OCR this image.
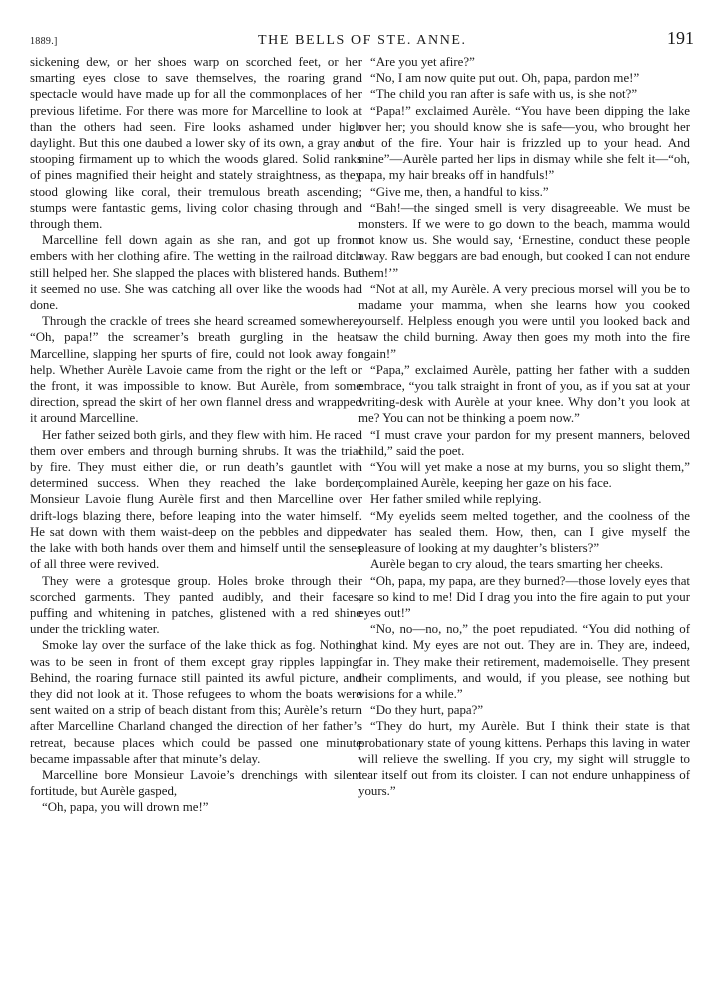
1889.]	THE BELLS OF STE. ANNE.	191

sickening dew, or her shoes warp on scorched feet, or her smarting eyes close to save themselves, the roaring grand spectacle would have made up for all the commonplaces of her previous lifetime. For there was more for Marcelline to look at than the others had seen. Fire looks ashamed under high daylight. But this one daubed a lower sky of its own, a gray and stooping firmament up to which the woods glared. Solid ranks of pines magnified their height and stately straightness, as they stood glowing like coral, their tremulous breath ascending; stumps were fantastic gems, living color chasing through and through them.

Marcelline fell down again as she ran, and got up from embers with her clothing afire. The wetting in the railroad ditch still helped her. She slapped the places with blistered hands. But it seemed no use. She was catching all over like the woods had done.

Through the crackle of trees she heard screamed somewhere, “Oh, papa!” the screamer’s breath gurgling in the heat. Marcelline, slapping her spurts of fire, could not look away for help. Whether Aurèle Lavoie came from the right or the left or the front, it was impossible to know. But Aurèle, from some direction, spread the skirt of her own flannel dress and wrapped it around Marcelline.

Her father seized both girls, and they flew with him. He raced them over embers and through burning shrubs. It was the trial by fire. They must either die, or run death’s gauntlet with determined success. When they reached the lake border, Monsieur Lavoie flung Aurèle first and then Marcelline over drift-logs blazing there, before leaping into the water himself. He sat down with them waist-deep on the pebbles and dipped the lake with both hands over them and himself until the senses of all three were revived.

They were a grotesque group. Holes broke through their scorched garments. They panted audibly, and their faces, puffing and whitening in patches, glistened with a red shine under the trickling water.

Smoke lay over the surface of the lake thick as fog. Nothing was to be seen in front of them except gray ripples lapping. Behind, the roaring furnace still painted its awful picture, and they did not look at it. Those refugees to whom the boats were sent waited on a strip of beach distant from this; Aurèle’s return after Marcelline Charland changed the direction of her father’s retreat, because places which could be passed one minute became impassable after that minute’s delay.

Marcelline bore Monsieur Lavoie’s drenchings with silent fortitude, but Aurèle gasped,

“Oh, papa, you will drown me!”

“Are you yet afire?”

“No, I am now quite put out. Oh, papa, pardon me!”

“The child you ran after is safe with us, is she not?”

“Papa!” exclaimed Aurèle. “You have been dipping the lake over her; you should know she is safe—you, who brought her out of the fire. Your hair is frizzled up to your head. And mine”—Aurèle parted her lips in dismay while she felt it—“oh, papa, my hair breaks off in handfuls!”

“Give me, then, a handful to kiss.”

“Bah!—the singed smell is very disagreeable. We must be monsters. If we were to go down to the beach, mamma would not know us. She would say, ‘Ernestine, conduct these people away. Raw beggars are bad enough, but cooked I can not endure them!’”

“Not at all, my Aurèle. A very precious morsel will you be to madame your mamma, when she learns how you cooked yourself. Helpless enough you were until you looked back and saw the child burning. Away then goes my moth into the fire again!”

“Papa,” exclaimed Aurèle, patting her father with a sudden embrace, “you talk straight in front of you, as if you sat at your writing-desk with Aurèle at your knee. Why don’t you look at me? You can not be thinking a poem now.”

“I must crave your pardon for my present manners, beloved child,” said the poet.

“You will yet make a nose at my burns, you so slight them,” complained Aurèle, keeping her gaze on his face.

Her father smiled while replying.

“My eyelids seem melted together, and the coolness of the water has sealed them. How, then, can I give myself the pleasure of looking at my daughter’s blisters?”

Aurèle began to cry aloud, the tears smarting her cheeks.

“Oh, papa, my papa, are they burned?—those lovely eyes that are so kind to me! Did I drag you into the fire again to put your eyes out!”

“No, no—no, no,” the poet repudiated. “You did nothing of that kind. My eyes are not out. They are in. They are, indeed, far in. They make their retirement, mademoiselle. They present their compliments, and would, if you please, see nothing but visions for a while.”

“Do they hurt, papa?”

“They do hurt, my Aurèle. But I think their state is that probationary state of young kittens. Perhaps this laving in water will relieve the swelling. If you cry, my sight will struggle to tear itself out from its cloister. I can not endure unhappiness of yours.”
